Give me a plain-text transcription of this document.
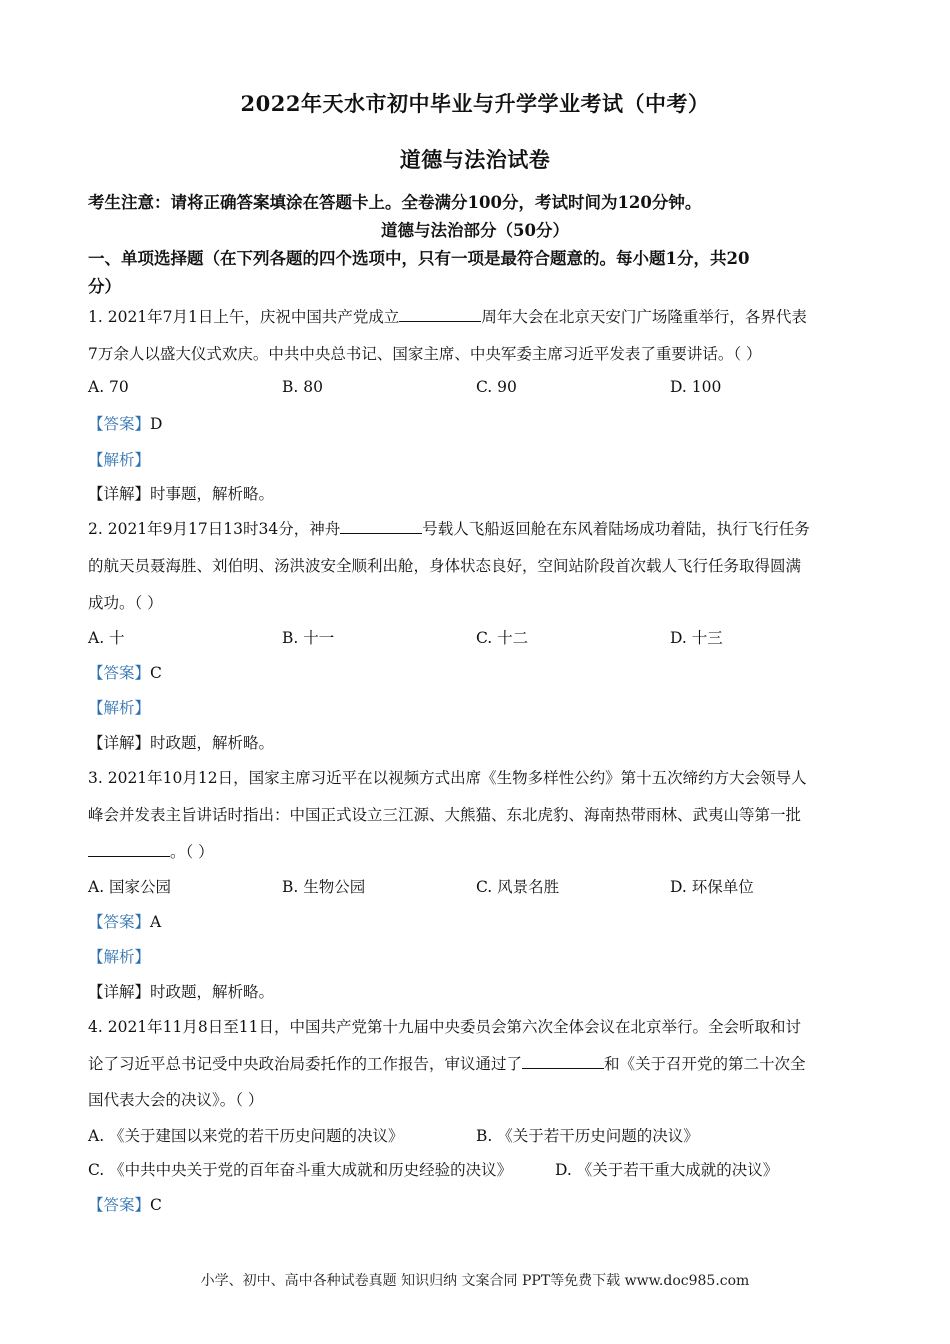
2022年天水市初中毕业与升学学业考试（中考）
道德与法治试卷
考生注意：请将正确答案填涂在答题卡上。全卷满分100分，考试时间为120分钟。
道德与法治部分（50分）
一、单项选择题（在下列各题的四个选项中，只有一项是最符合题意的。每小题1分，共20
分）
1. 2021年7月1日上午，庆祝中国共产党成立	周年大会在北京天安门广场隆重举行，各界代表
7万余人以盛大仪式欢庆。中共中央总书记、国家主席、中央军委主席习近平发表了重要讲话。（ ）
A. 70	B. 80	C. 90	D. 100
【答案】D
【解析】
【详解】时事题，解析略。
2. 2021年9月17日13时34分，神舟	号载人飞船返回舱在东风着陆场成功着陆，执行飞行任务
的航天员聂海胜、刘伯明、汤洪波安全顺利出舱，身体状态良好，空间站阶段首次载人飞行任务取得圆满
成功。（ ）
A. 十	B. 十一	C. 十二	D. 十三
【答案】C
【解析】
【详解】时政题，解析略。
3. 2021年10月12日，国家主席习近平在以视频方式出席《生物多样性公约》第十五次缔约方大会领导人
峰会并发表主旨讲话时指出：中国正式设立三江源、大熊猫、东北虎豹、海南热带雨林、武夷山等第一批
。（ ）
A. 国家公园	B. 生物公园	C. 风景名胜	D. 环保单位
【答案】A
【解析】
【详解】时政题，解析略。
4. 2021年11月8日至11日，中国共产党第十九届中央委员会第六次全体会议在北京举行。全会听取和讨
论了习近平总书记受中央政治局委托作的工作报告，审议通过了	和《关于召开党的第二十次全
国代表大会的决议》。（ ）
A. 《关于建国以来党的若干历史问题的决议》	B. 《关于若干历史问题的决议》
C. 《中共中央关于党的百年奋斗重大成就和历史经验的决议》	D. 《关于若干重大成就的决议》
【答案】C
小学、初中、高中各种试卷真题 知识归纳 文案合同 PPT等免费下载 www.doc985.com
